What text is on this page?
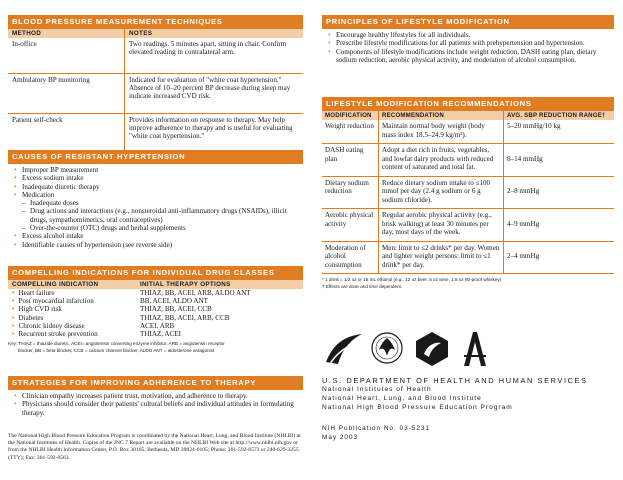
BLOOD PRESSURE MEASUREMENT TECHNIQUES
METHOD	NOTES
In-office	Two readings, 5 minutes apart, sitting in chair. Confirm elevated reading in contralateral arm.
Ambulatory BP monitoring	Indicated for evaluation of "white coat hypertension." Absence of 10–20 percent BP decrease during sleep may indicate increased CVD risk.
Patient self-check	Provides information on response to therapy. May help improve adherence to therapy and is useful for evaluating "white coat hypertension."
CAUSES OF RESISTANT HYPERTENSION
• Improper BP measurement
• Excess sodium intake
• Inadequate diuretic therapy
• Medication
– Inadequate doses
– Drug actions and interactions (e.g., nonsteroidal anti-inflammatory drugs (NSAIDs), illicit drugs, sympathomimetics, oral contraceptives)
– Over-the-counter (OTC) drugs and herbal supplements
• Excess alcohol intake
• Identifiable causes of hypertension (see reverse side)
COMPELLING INDICATIONS FOR INDIVIDUAL DRUG CLASSES
COMPELLING INDICATION	INITIAL THERAPY OPTIONS
• Heart failure	THIAZ, BB, ACEI, ARB, ALDO ANT
• Post myocardial infarction	BB, ACEI, ALDO ANT
• High CVD risk	THIAZ, BB, ACEI, CCB
• Diabetes	THIAZ, BB, ACEI, ARB, CCB
• Chronic kidney disease	ACEI, ARB
• Recurrent stroke prevention	THIAZ, ACEI
Key: THIAZ = thiazide diuretic, ACEI= angiotensin converting enzyme inhibitor, ARB = angiotensin receptor
blocker, BB = beta blocker, CCB = calcium channel blocker, ALDO ANT = aldosterone antagonist
STRATEGIES FOR IMPROVING ADHERENCE TO THERAPY
• Clinician empathy increases patient trust, motivation, and adherence to therapy.
• Physicians should consider their patients' cultural beliefs and individual attitudes in formulating therapy.
The National High Blood Pressure Education Program is coordinated by the National Heart, Lung, and Blood Institute (NHLBI) at the National Institutes of Health. Copies of the JNC 7 Report are available on the NHLBI Web site at http://www.nhlbi.nih.gov or from the NHLBI Health Information Center, P.O. Box 30105, Bethesda, MD 20824-0105; Phone: 301-592-8573 or 240-629-3255 (TTY); Fax: 301-592-8563.
PRINCIPLES OF LIFESTYLE MODIFICATION
• Encourage healthy lifestyles for all individuals.
• Prescribe lifestyle modifications for all patients with prehypertension and hypertension.
• Components of lifestyle modifications include weight reduction, DASH eating plan, dietary sodium reduction, aerobic physical activity, and moderation of alcohol consumption.
LIFESTYLE MODIFICATION RECOMMENDATIONS
MODIFICATION	RECOMMENDATION	AVG. SBP REDUCTION RANGE†
Weight reduction	Maintain normal body weight (body mass index 18.5–24.9 kg/m²).	5–20 mmHg/10 kg
DASH eating plan	Adopt a diet rich in fruits, vegetables, and lowfat dairy products with reduced content of saturated and total fat.	8–14 mmHg
Dietary sodium reduction	Reduce dietary sodium intake to ≤100 mmol per day (2.4 g sodium or 6 g sodium chloride).	2–8 mmHg
Aerobic physical activity	Regular aerobic physical activity (e.g., brisk walking) at least 30 minutes per day, most days of the week.	4–9 mmHg
Moderation of alcohol consumption	Men: limit to ≤2 drinks* per day. Women and lighter weight persons: limit to ≤1 drink* per day.	2–4 mmHg
* 1 drink = 1/2 oz or 15 mL ethanol (e.g., 12 oz beer, 5 oz wine, 1.5 oz 80-proof whiskey).
† Effects are dose and time dependent.
U.S. DEPARTMENT OF HEALTH AND HUMAN SERVICES
National Institutes of Health
National Heart, Lung, and Blood Institute
National High Blood Pressure Education Program
NIH Publication No. 03-5231
May 2003
